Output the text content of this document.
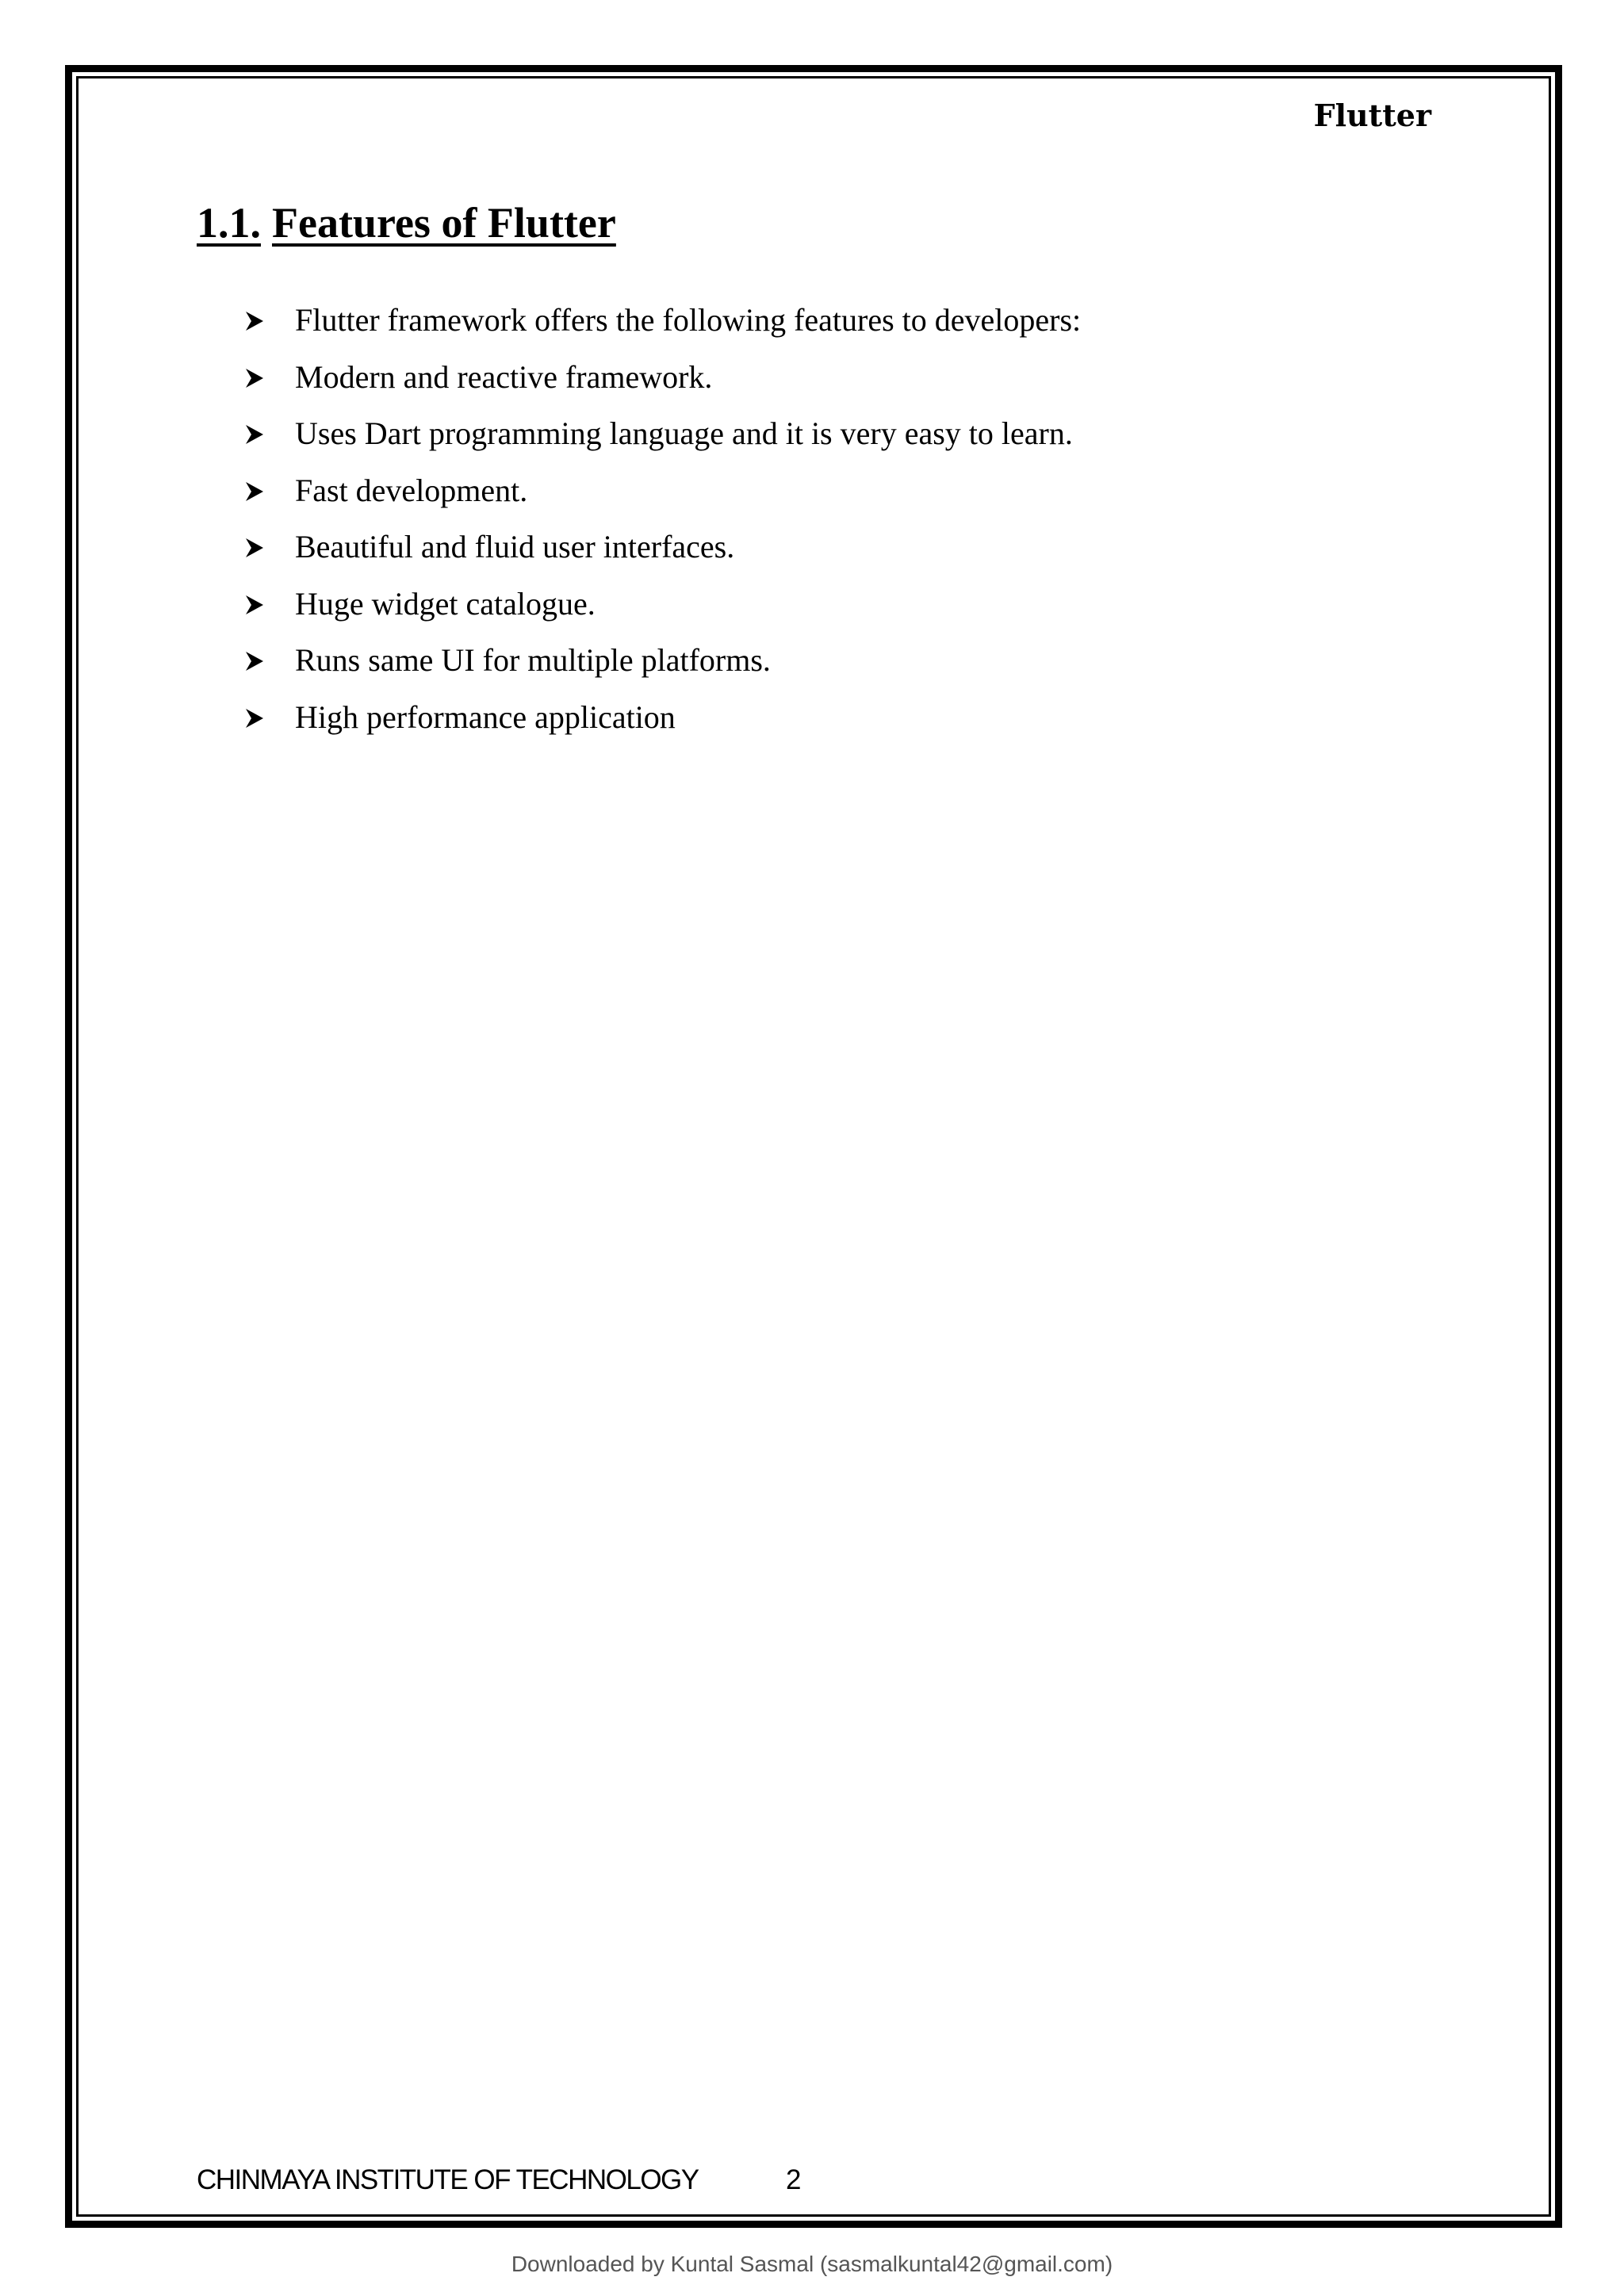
Flutter
1.1. Features of Flutter
Flutter framework offers the following features to developers:
Modern and reactive framework.
Uses Dart programming language and it is very easy to learn.
Fast development.
Beautiful and fluid user interfaces.
Huge widget catalogue.
Runs same UI for multiple platforms.
High performance application
CHINMAYA INSTITUTE OF TECHNOLOGY	2
Downloaded by Kuntal Sasmal (sasmalkuntal42@gmail.com)
